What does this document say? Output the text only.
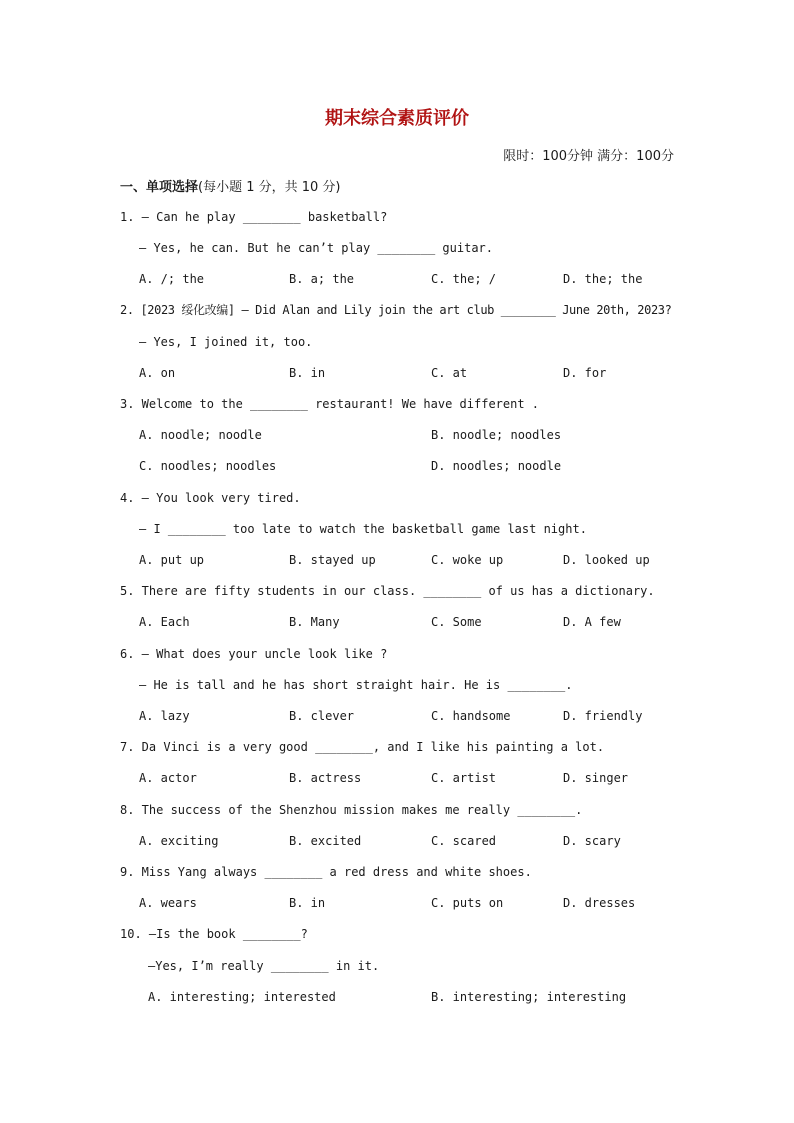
期末综合素质评价
限时：100分钟 满分：100分
一、单项选择(每小题 1 分，共 10 分)
1. — Can he play ________ basketball?
— Yes, he can. But he can’t play ________ guitar.
A. /; the	B. a; the	C. the; /	D. the; the
2. [2023 绥化改编] — Did Alan and Lily join the art club ________ June 20th, 2023?
— Yes, I joined it, too.
A. on	B. in	C. at	D. for
3. Welcome to the ________ restaurant! We have different .
A. noodle; noodle	B. noodle; noodles
C. noodles; noodles	D. noodles; noodle
4. — You look very tired.
— I ________ too late to watch the basketball game last night.
A. put up	B. stayed up	C. woke up	D. looked up
5. There are fifty students in our class. ________ of us has a dictionary.
A. Each	B. Many	C. Some	D. A few
6. — What does your uncle look like ?
— He is tall and he has short straight hair. He is ________.
A. lazy	B. clever	C. handsome	D. friendly
7. Da Vinci is a very good ________, and I like his painting a lot.
A. actor	B. actress	C. artist	D. singer
8. The success of the Shenzhou mission makes me really ________.
A. exciting	B. excited	C. scared	D. scary
9. Miss Yang always ________ a red dress and white shoes.
A. wears	B. in	C. puts on	D. dresses
10. —Is the book ________?
—Yes, I’m really ________ in it.
A. interesting; interested	B. interesting; interesting
